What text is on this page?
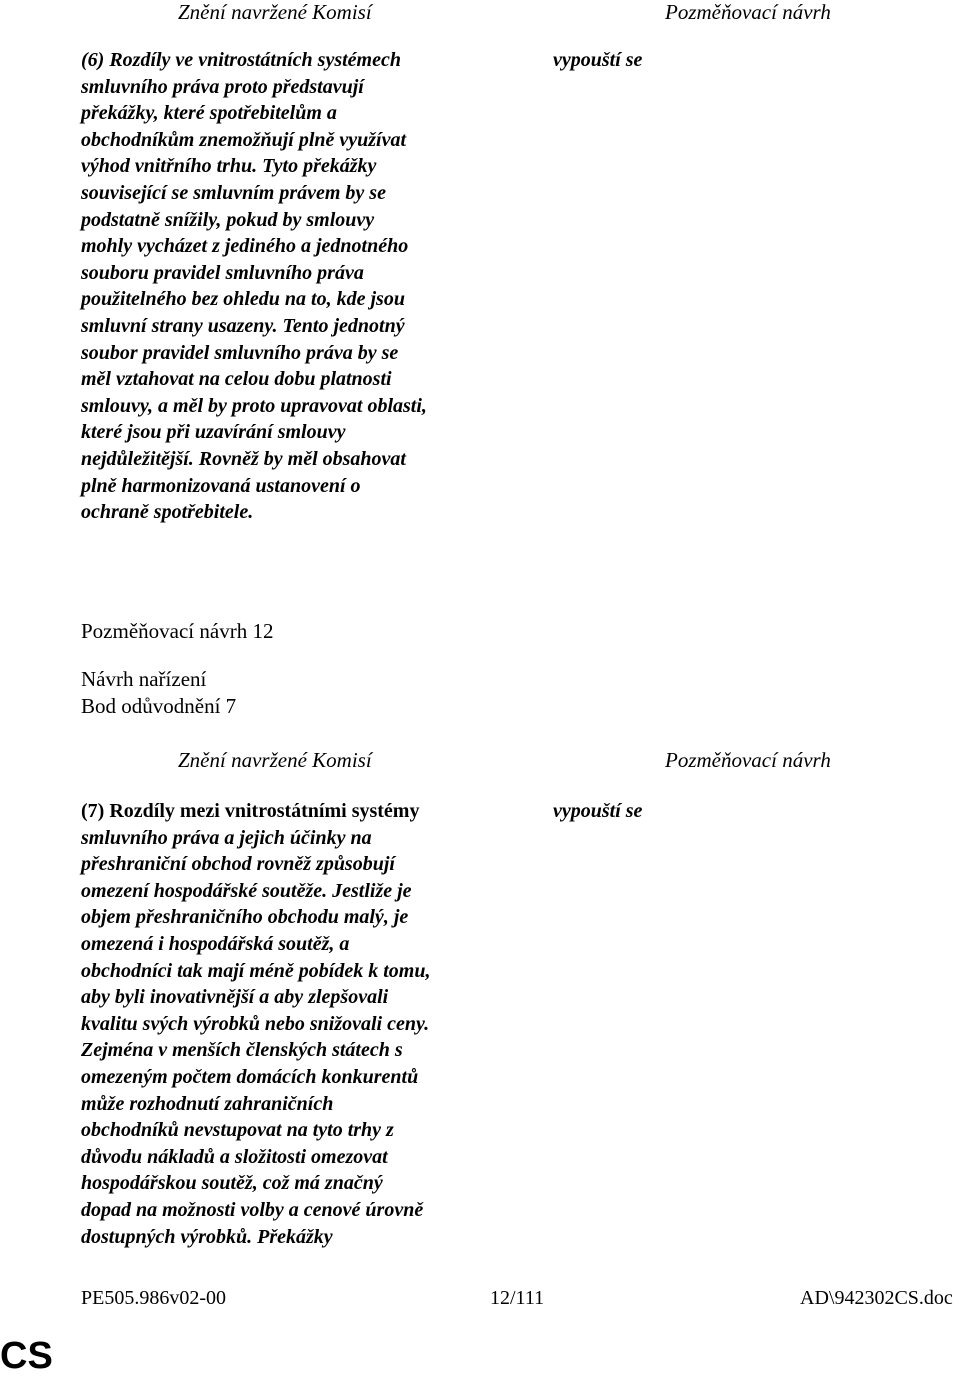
Znění navržené Komisí	Pozměňovací návrh
(6) Rozdíly ve vnitrostátních systémech
smluvního práva proto představují
překážky, které spotřebitelům a
obchodníkům znemožňují plně využívat
výhod vnitřního trhu. Tyto překážky
související se smluvním právem by se
podstatně snížily, pokud by smlouvy
mohly vycházet z jediného a jednotného
souboru pravidel smluvního práva
použitelného bez ohledu na to, kde jsou
smluvní strany usazeny. Tento jednotný
soubor pravidel smluvního práva by se
měl vztahovat na celou dobu platnosti
smlouvy, a měl by proto upravovat oblasti,
které jsou při uzavírání smlouvy
nejdůležitější. Rovněž by měl obsahovat
plně harmonizovaná ustanovení o
ochraně spotřebitele.
vypouští se
Pozměňovací návrh 12
Návrh nařízení
Bod odůvodnění 7
Znění navržené Komisí	Pozměňovací návrh
(7) Rozdíly mezi vnitrostátními systémy
smluvního práva a jejich účinky na
přeshraniční obchod rovněž způsobují
omezení hospodářské soutěže. Jestliže je
objem přeshraničního obchodu malý, je
omezená i hospodářská soutěž, a
obchodníci tak mají méně pobídek k tomu,
aby byli inovativnější a aby zlepšovali
kvalitu svých výrobků nebo snižovali ceny.
Zejména v menších členských státech s
omezeným počtem domácích konkurentů
může rozhodnutí zahraničních
obchodníků nevstupovat na tyto trhy z
důvodu nákladů a složitosti omezovat
hospodářskou soutěž, což má značný
dopad na možnosti volby a cenové úrovně
dostupných výrobků. Překážky
vypouští se
PE505.986v02-00	12/111	AD\942302CS.doc
CS
